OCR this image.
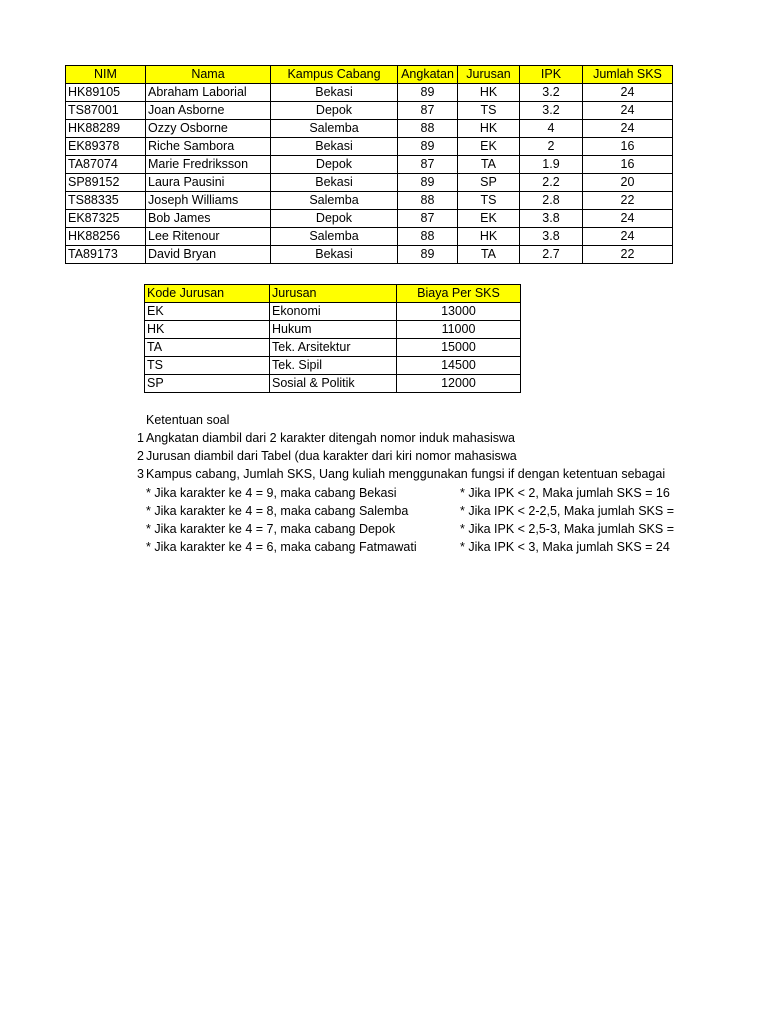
NIM	Nama	Kampus Cabang	Angkatan	Jurusan	IPK	Jumlah SKS
HK89105	Abraham Laborial	Bekasi	89	HK	3.2	24
TS87001	Joan Asborne	Depok	87	TS	3.2	24
HK88289	Ozzy Osborne	Salemba	88	HK	4	24
EK89378	Riche Sambora	Bekasi	89	EK	2	16
TA87074	Marie Fredriksson	Depok	87	TA	1.9	16
SP89152	Laura Pausini	Bekasi	89	SP	2.2	20
TS88335	Joseph Williams	Salemba	88	TS	2.8	22
EK87325	Bob James	Depok	87	EK	3.8	24
HK88256	Lee Ritenour	Salemba	88	HK	3.8	24
TA89173	David Bryan	Bekasi	89	TA	2.7	22
Kode Jurusan	Jurusan	Biaya Per SKS
EK	Ekonomi	13000
HK	Hukum	11000
TA	Tek. Arsitektur	15000
TS	Tek. Sipil	14500
SP	Sosial & Politik	12000
Ketentuan soal
1 Angkatan diambil dari 2 karakter ditengah nomor induk mahasiswa
2 Jurusan diambil dari Tabel (dua karakter dari kiri nomor mahasiswa
3 Kampus cabang, Jumlah SKS, Uang kuliah menggunakan fungsi if dengan ketentuan sebagai
* Jika karakter ke 4 = 9, maka cabang Bekasi
* Jika karakter ke 4 = 8, maka cabang Salemba
* Jika karakter ke 4 = 7, maka cabang Depok
* Jika karakter ke 4 = 6, maka cabang Fatmawati
* Jika IPK < 2, Maka jumlah SKS = 16
* Jika IPK < 2-2,5, Maka jumlah SKS =
* Jika IPK < 2,5-3, Maka jumlah SKS =
* Jika IPK < 3, Maka jumlah SKS = 24
